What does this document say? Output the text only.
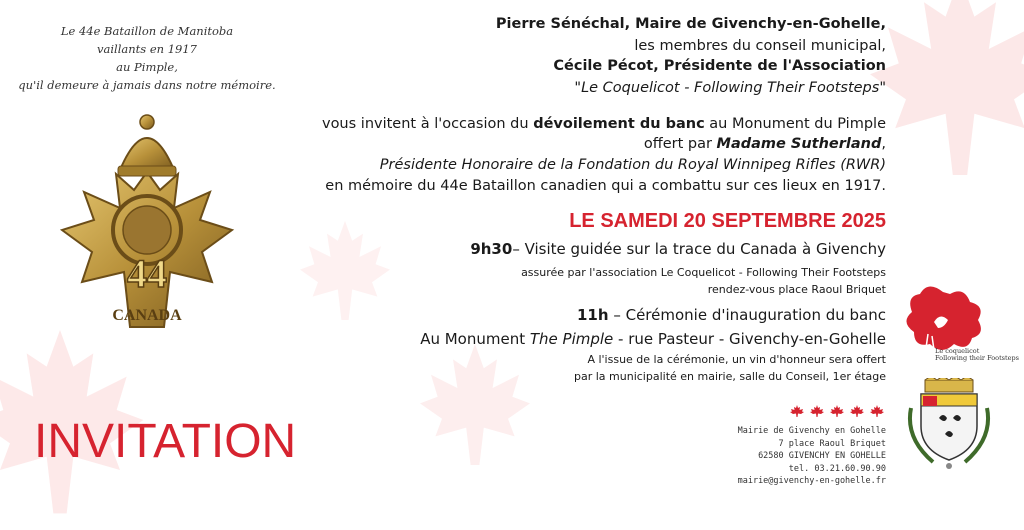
Le 44e Bataillon de Manitoba
vaillants en 1917
au Pimple,
qu'il demeure à jamais dans notre mémoire.
44
CANADA
INVITATION
Pierre Sénéchal, Maire de Givenchy-en-Gohelle,
les membres du conseil municipal,
Cécile Pécot, Présidente de l'Association
"Le Coquelicot - Following Their Footsteps"
vous invitent à l'occasion du dévoilement du banc au Monument du Pimple
offert par Madame Sutherland,
Présidente Honoraire de la Fondation du Royal Winnipeg Rifles (RWR)
en mémoire du 44e Bataillon canadien qui a combattu sur ces lieux en 1917.
LE SAMEDI 20 SEPTEMBRE 2025
9h30– Visite guidée sur la trace du Canada à Givenchy
assurée par l'association Le Coquelicot - Following Their Footsteps
rendez-vous place Raoul Briquet
11h – Cérémonie d'inauguration du banc
Au Monument The Pimple - rue Pasteur - Givenchy-en-Gohelle
A l'issue de la cérémonie, un vin d'honneur sera offert
par la municipalité en mairie, salle du Conseil, 1er étage
Mairie de Givenchy en Gohelle
7 place Raoul Briquet
62580 GIVENCHY EN GOHELLE
tel. 03.21.60.90.90
mairie@givenchy-en-gohelle.fr
Le coquelicot
Following their Footsteps
